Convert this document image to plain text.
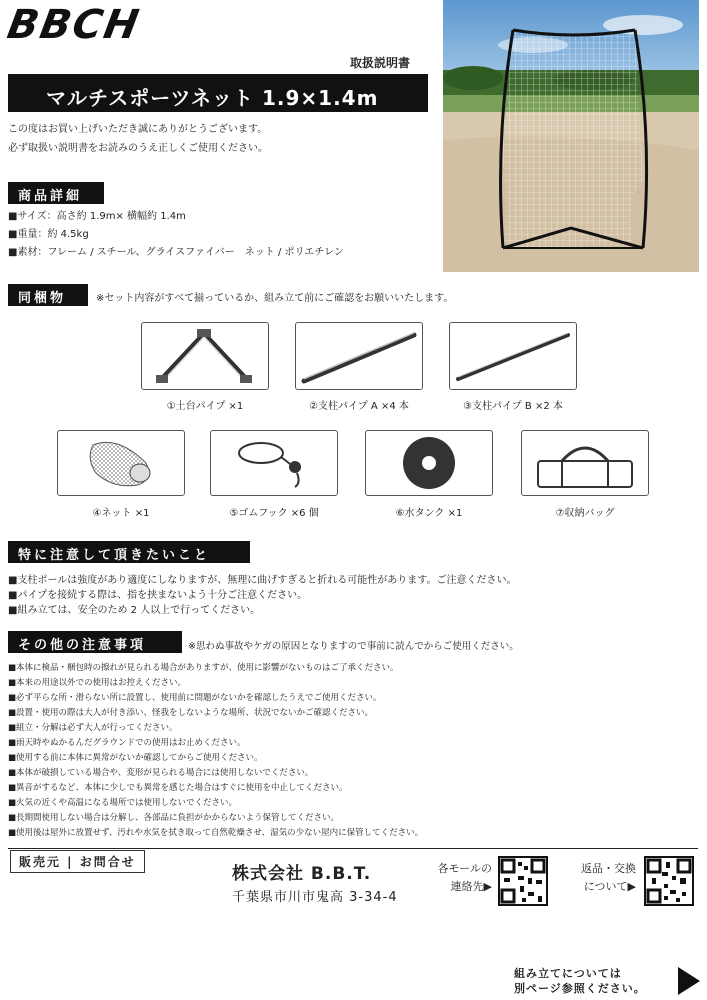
BBCH
取扱説明書
マルチスポーツネット 1.9×1.4m
この度はお買い上げいただき誠にありがとうございます。
必ず取扱い説明書をお読みのうえ正しくご使用ください。
商品詳細
■サイズ：高さ約 1.9m× 横幅約 1.4m
■重量：約 4.5kg
■素材：フレーム / スチール、グライスファイバー　ネット / ポリエチレン
同梱物	※セット内容がすべて揃っているか、組み立て前にご確認をお願いいたします。
①土台パイプ ×1	②支柱パイプ A ×4 本	③支柱パイプ B ×2 本
④ネット ×1	⑤ゴムフック ×6 個	⑥水タンク ×1	⑦収納バッグ
特に注意して頂きたいこと
■支柱ポールは強度があり適度にしなりますが、無理に曲げすぎると折れる可能性があります。ご注意ください。
■パイプを接続する際は、指を挟まないよう十分ご注意ください。
■組み立ては、安全のため 2 人以上で行ってください。
その他の注意事項	※思わぬ事故やケガの原因となりますので事前に読んでからご使用ください。
■本体に検品・梱包時の擦れが見られる場合がありますが、使用に影響がないものはご了承ください。
■本来の用途以外での使用はお控えください。
■必ず平らな所・滑らない所に設置し、使用前に問題がないかを確認したうえでご使用ください。
■設置・使用の際は大人が付き添い、怪我をしないような場所、状況でないかご確認ください。
■組立・分解は必ず大人が行ってください。
■雨天時やぬかるんだグラウンドでの使用はお止めください。
■使用する前に本体に異常がないか確認してからご使用ください。
■本体が破損している場合や、変形が見られる場合には使用しないでください。
■異音がするなど、本体に少しでも異常を感じた場合はすぐに使用を中止してください。
■火気の近くや高温になる場所では使用しないでください。
■長期間使用しない場合は分解し、各部品に負担がかからないよう保管してください。
■使用後は屋外に放置せず、汚れや水気を拭き取って自然乾燥させ、湿気の少ない屋内に保管してください。
販売元 | お問合せ
株式会社 B.B.T.
千葉県市川市鬼高 3-34-4
各モールの
連絡先▶
返品・交換
について▶
組み立てについては
別ページ参照ください。
